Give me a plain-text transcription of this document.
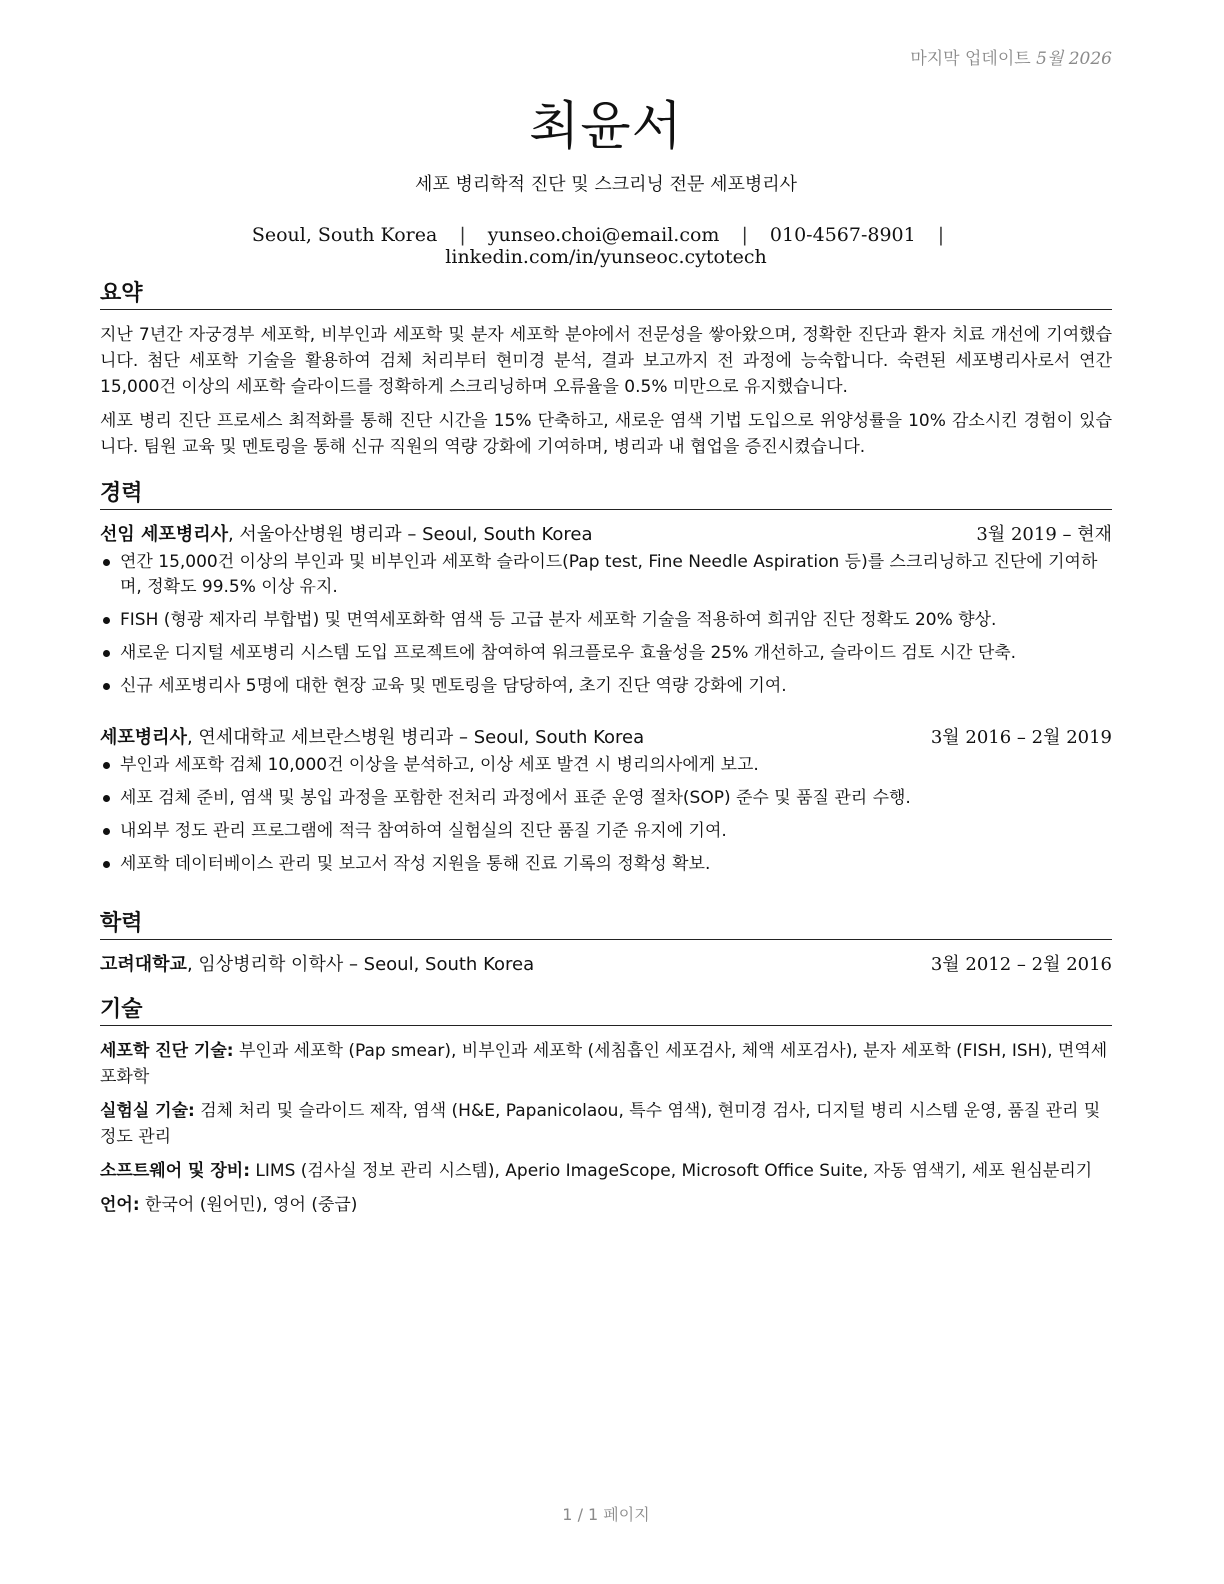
마지막 업데이트 5월 2026
최윤서
세포 병리학적 진단 및 스크리닝 전문 세포병리사
Seoul, South Korea | yunseo.choi@email.com | 010-4567-8901 | linkedin.com/in/yunseoc.cytotech
요약

지난 7년간 자궁경부 세포학, 비부인과 세포학 및 분자 세포학 분야에서 전문성을 쌓아왔으며, 정확한 진단과 환자 치료 개선에 기여했습니다. 첨단 세포학 기술을 활용하여 검체 처리부터 현미경 분석, 결과 보고까지 전 과정에 능숙합니다. 숙련된 세포병리사로서 연간 15,000건 이상의 세포학 슬라이드를 정확하게 스크리닝하며 오류율을 0.5% 미만으로 유지했습니다.

세포 병리 진단 프로세스 최적화를 통해 진단 시간을 15% 단축하고, 새로운 염색 기법 도입으로 위양성률을 10% 감소시킨 경험이 있습니다. 팀원 교육 및 멘토링을 통해 신규 직원의 역량 강화에 기여하며, 병리과 내 협업을 증진시켰습니다.

경력
선임 세포병리사, 서울아산병원 병리과 – Seoul, South Korea	3월 2019 – 현재
연간 15,000건 이상의 부인과 및 비부인과 세포학 슬라이드(Pap test, Fine Needle Aspiration 등)를 스크리닝하고 진단에 기여하며, 정확도 99.5% 이상 유지.
FISH (형광 제자리 부합법) 및 면역세포화학 염색 등 고급 분자 세포학 기술을 적용하여 희귀암 진단 정확도 20% 향상.
새로운 디지털 세포병리 시스템 도입 프로젝트에 참여하여 워크플로우 효율성을 25% 개선하고, 슬라이드 검토 시간 단축.
신규 세포병리사 5명에 대한 현장 교육 및 멘토링을 담당하여, 초기 진단 역량 강화에 기여.
세포병리사, 연세대학교 세브란스병원 병리과 – Seoul, South Korea	3월 2016 – 2월 2019
부인과 세포학 검체 10,000건 이상을 분석하고, 이상 세포 발견 시 병리의사에게 보고.
세포 검체 준비, 염색 및 봉입 과정을 포함한 전처리 과정에서 표준 운영 절차(SOP) 준수 및 품질 관리 수행.
내외부 정도 관리 프로그램에 적극 참여하여 실험실의 진단 품질 기준 유지에 기여.
세포학 데이터베이스 관리 및 보고서 작성 지원을 통해 진료 기록의 정확성 확보.
학력
고려대학교, 임상병리학 이학사 – Seoul, South Korea	3월 2012 – 2월 2016
기술
세포학 진단 기술: 부인과 세포학 (Pap smear), 비부인과 세포학 (세침흡인 세포검사, 체액 세포검사), 분자 세포학 (FISH, ISH), 면역세포화학
실험실 기술: 검체 처리 및 슬라이드 제작, 염색 (H&E, Papanicolaou, 특수 염색), 현미경 검사, 디지털 병리 시스템 운영, 품질 관리 및 정도 관리
소프트웨어 및 장비: LIMS (검사실 정보 관리 시스템), Aperio ImageScope, Microsoft Office Suite, 자동 염색기, 세포 원심분리기
언어: 한국어 (원어민), 영어 (중급)
1 / 1 페이지
